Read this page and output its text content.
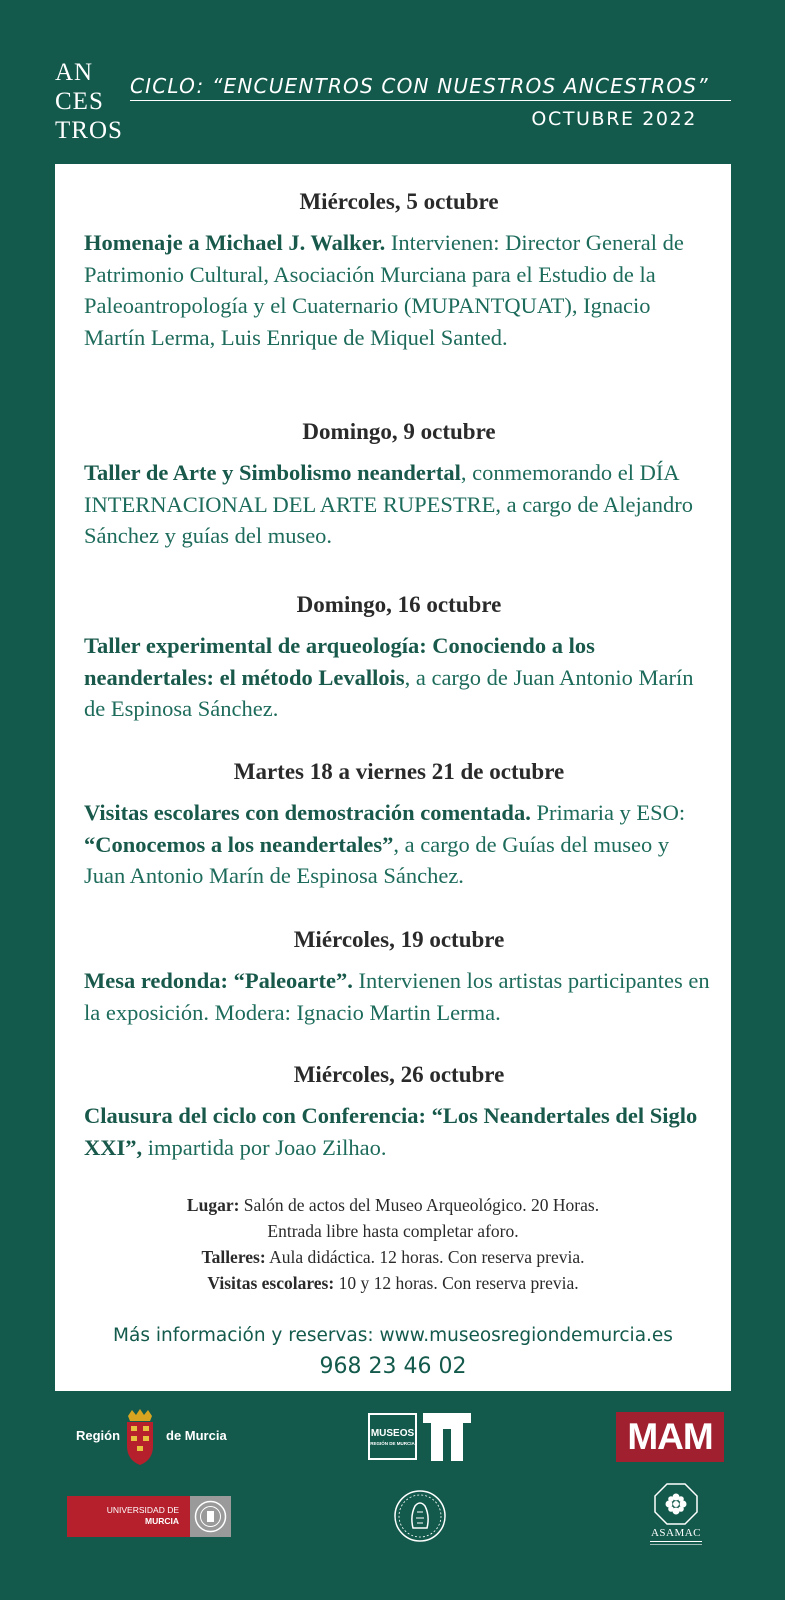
AN
CES
TROS
CICLO: “ENCUENTROS CON NUESTROS ANCESTROS”
OCTUBRE 2022
Miércoles, 5 octubre
Homenaje a Michael J. Walker. Intervienen: Director General de Patrimonio Cultural, Asociación Murciana para el Estudio de la Paleoantropología y el Cuaternario (MUPANTQUAT), Ignacio Martín Lerma, Luis Enrique de Miquel Santed.
Domingo, 9 octubre
Taller de Arte y Simbolismo neandertal, conmemorando el DÍA INTERNACIONAL DEL ARTE RUPESTRE, a cargo de Alejandro Sánchez y guías del museo.
Domingo, 16 octubre
Taller experimental de arqueología: Conociendo a los neandertales: el método Levallois, a cargo de Juan Antonio Marín de Espinosa Sánchez.
Martes 18 a viernes 21 de octubre
Visitas escolares con demostración comentada. Primaria y ESO: “Conocemos a los neandertales”, a cargo de Guías del museo y Juan Antonio Marín de Espinosa Sánchez.
Miércoles, 19 octubre
Mesa redonda: “Paleoarte”. Intervienen los artistas participantes en la exposición. Modera: Ignacio Martin Lerma.
Miércoles, 26 octubre
Clausura del ciclo con Conferencia: “Los Neandertales del Siglo XXI”, impartida por Joao Zilhao.
Lugar: Salón de actos del Museo Arqueológico. 20 Horas.
Entrada libre hasta completar aforo.
Talleres: Aula didáctica. 12 horas. Con reserva previa.
Visitas escolares: 10 y 12 horas. Con reserva previa.
Más información y reservas: www.museosregiondemurcia.es
968 23 46 02
Región	de Murcia	MUSEOS
REGIÓN DE MURCIA	MAM
UNIVERSIDAD DE
MURCIA
ASAMAC
